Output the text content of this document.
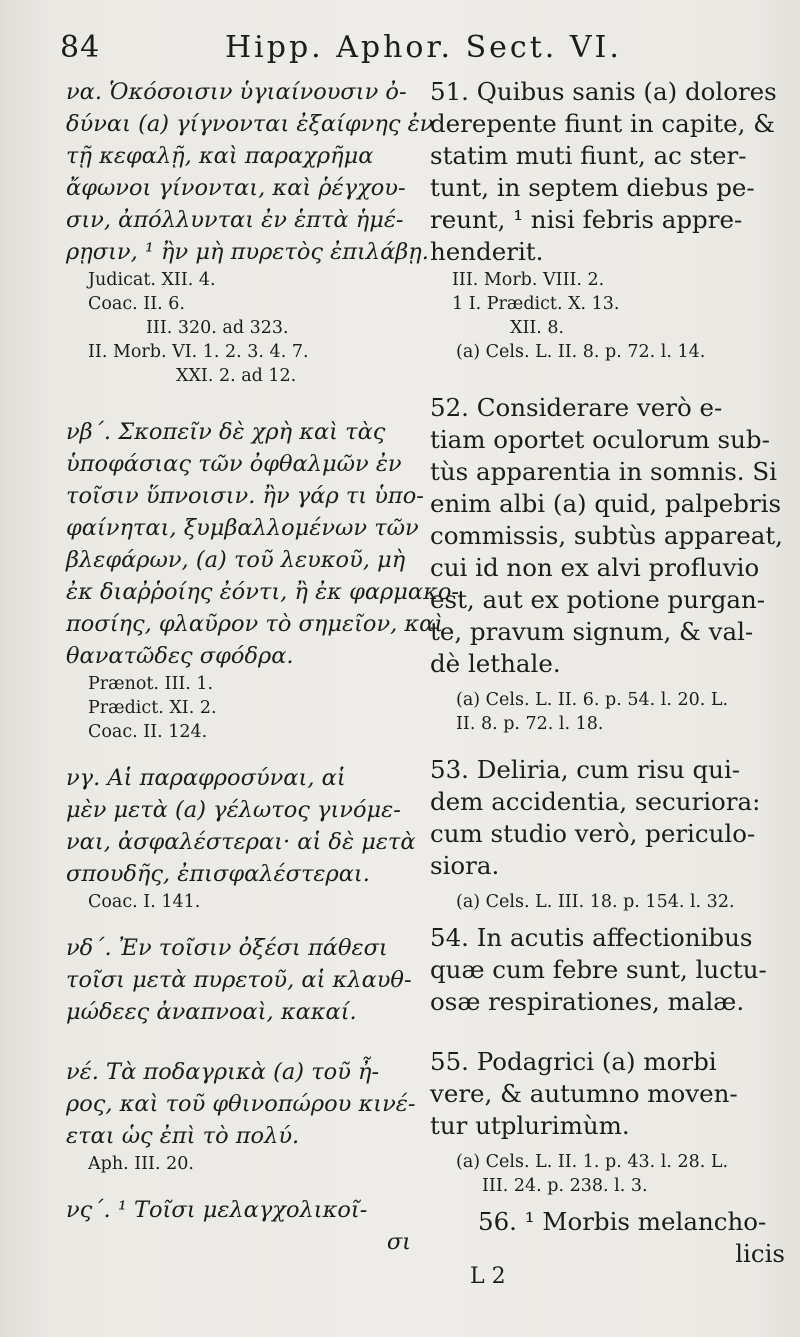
84	Hipp. Aphor. Sect. VI.
να. Ὁκόσοισιν ὑγιαίνουσιν ὀ-
δύναι (a) γίγνονται ἐξαίφνης ἐν
τῇ κεφαλῇ, καὶ παραχρῆμα
ἄφωνοι γίνονται, καὶ ῥέγχου-
σιν, ἀπόλλυνται ἐν ἑπτὰ ἡμέ-
ρῃσιν, ¹ ἢν μὴ πυρετὸς ἐπιλάβῃ.
Judicat. XII. 4.
Coac. II. 6.
III. 320. ad 323.
II. Morb. VI. 1. 2. 3. 4. 7.
XXI. 2. ad 12.
νβ΄. Σκοπεῖν δὲ χρὴ καὶ τὰς
ὑποφάσιας τῶν ὀφθαλμῶν ἐν
τοῖσιν ὕπνοισιν. ἢν γάρ τι ὑπο-
φαίνηται, ξυμβαλλομένων τῶν
βλεφάρων, (a) τοῦ λευκοῦ, μὴ
ἐκ διαῤῥοίης ἐόντι, ἢ ἐκ φαρμακο-
ποσίης, φλαῦρον τὸ σημεῖον, καὶ
θανατῶδες σφόδρα.
Prænot. III. 1.
Prædict. XI. 2.
Coac. II. 124.
νγ. Αἱ παραφροσύναι, αἱ
μὲν μετὰ (a) γέλωτος γινόμε-
ναι, ἀσφαλέστεραι· αἱ δὲ μετὰ
σπουδῆς, ἐπισφαλέστεραι.
Coac. I. 141.
νδ΄. Ἐν τοῖσιν ὀξέσι πάθεσι
τοῖσι μετὰ πυρετοῦ, αἱ κλαυθ-
μώδεες ἀναπνοαὶ, κακαί.
νέ. Τὰ ποδαγρικὰ (a) τοῦ ἦ-
ρος, καὶ τοῦ φθινοπώρου κινέ-
εται ὡς ἐπὶ τὸ πολύ.
Aph. III. 20.
νς΄. ¹ Τοῖσι μελαγχολικοῖ-
σι
51. Quibus sanis (a) dolores
derepente fiunt in capite, &
statim muti fiunt, ac ster-
tunt, in septem diebus pe-
reunt, ¹ nisi febris appre-
henderit.
III. Morb. VIII. 2.
1 I. Prædict. X. 13.
XII. 8.
(a) Cels. L. II. 8. p. 72. l. 14.
52. Considerare verò e-
tiam oportet oculorum sub-
tùs apparentia in somnis. Si
enim albi (a) quid, palpebris
commissis, subtùs appareat,
cui id non ex alvi profluvio
est, aut ex potione purgan-
te, pravum signum, & val-
dè lethale.
(a) Cels. L. II. 6. p. 54. l. 20. L.
II. 8. p. 72. l. 18.
53. Deliria, cum risu qui-
dem accidentia, securiora:
cum studio verò, periculo-
siora.
(a) Cels. L. III. 18. p. 154. l. 32.
54. In acutis affectionibus
quæ cum febre sunt, luctu-
osæ respirationes, malæ.
55. Podagrici (a) morbi
vere, & autumno moven-
tur utplurimùm.
(a) Cels. L. II. 1. p. 43. l. 28. L.
III. 24. p. 238. l. 3.
56. ¹ Morbis melancho-
licis
L 2
